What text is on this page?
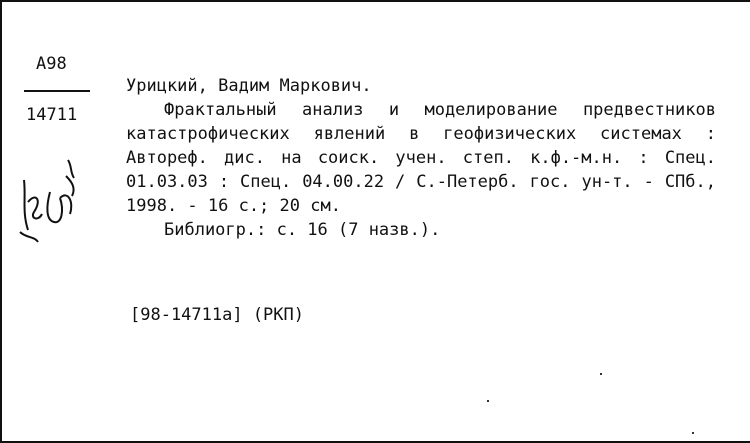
А98
14711
Урицкий, Вадим Маркович.

Фрактальный анализ и моделирование предвестников катастрофических явлений в геофизических системах : Автореф. дис. на соиск. учен. степ. к.ф.-м.н. : Спец. 01.03.03 : Спец. 04.00.22 / С.-Петерб. гос. ун-т. - СПб., 1998. - 16 с.; 20 см.

Библиогр.: с. 16 (7 назв.).

[98-14711а] (РКП)
